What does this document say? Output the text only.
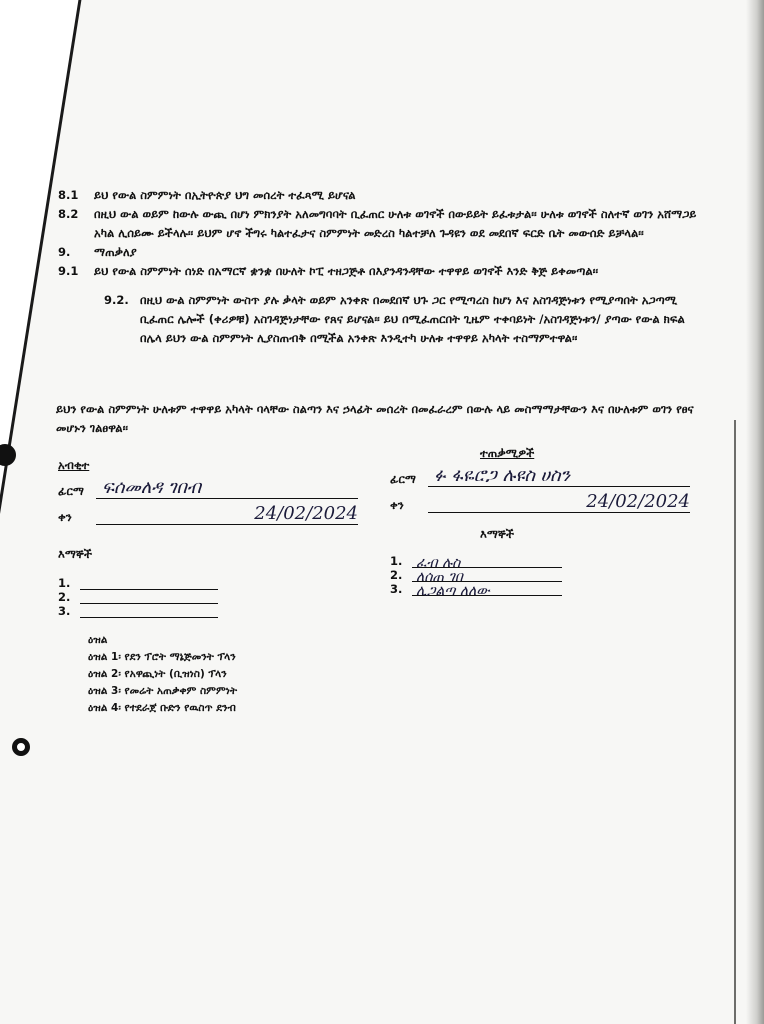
8.1	ይህ የውል ስምምነት በኢትዮጵያ ህግ መሰረት ተፈጻሚ ይሆናል
8.2	በዚህ ውል ወይም ከውሉ ውጪ በሆነ ምክንያት አለመግባባት ቢፈጠር ሁለቱ ወገኖች በውይይት ይፈቱታል፡፡ ሁለቱ ወገኖች ስለተኛ ወገን አሸማጋይ አካል ሊሰይሙ ይችላሉ፡፡ ይህም ሆኖ ችግሩ ካልተፈታና ስምምነት መድረስ ካልተቻለ ጉዳዩን ወደ መደበኛ ፍርድ ቤት መውሰድ ይቻላል፡፡
9.	ማጠቃለያ
9.1	ይህ የውል ስምምነት ሰነድ በአማርኛ ቋንቋ በሁለት ኮፒ ተዘጋጅቶ በእያንዳንዳቸው ተዋዋይ ወገኖች እንድ ቅጅ ይቀመጣል፡፡
9.2. በዚህ ውል ስምምነት ውስጥ ያሉ ቃላት ወይም አንቀጽ በመደበኛ ህጉ ጋር የሚጣረስ ከሆነ እና አስገዳጅነቱን የሚያጣበት አጋጣሚ ቢፈጠር ሌሎች (ቀሪዎቹ) አስገዳጅነታቸው የጸና ይሆናል፡፡ ይህ በሚፈጠርበት ጊዜም ተቀባይነት /አስገዳጅነቱን/ ያጣው የውል ክፍል በሌላ ይህን ውል ስምምነት ሊያስጠብቅ በሚችል አንቀጽ እንዲተካ ሁለቱ ተዋዋይ አካላት ተስማምተዋል፡፡
ይህን የውል ስምምነት ሁለቱም ተዋዋይ አካላት ባላቸው ስልጣን እና ኃላፊት መሰረት በመፈራረም በውሉ ላይ መስማማታቸውን እና በሁለቱም ወገን የፀና መሆኑን ገልፀዋል፡፡
አብቂተ
ፊርማ	ፍሰመለዳ ገበብ
ቀን	24/02/2024
እማኞች
1.
2.
3.
ዕዝል
ዕዝል 1፡ የደን ፕሮት ማኔጅመንት ፕላን
ዕዝል 2፡ የአዋጪነት (ቢዝነስ) ፕላን
ዕዝል 3፡ የመሬት አጠቃቀም ስምምነት
ዕዝል 4፡ የተደራጀ ቡድን የዉስጥ ደንብ
ተጠቃሚዎች
ፊርማ	ፉ ፋዬሮጋ ሉዩስ ሀስን
ቀን	24/02/2024
እማኞች
1. ፈብ ሉስ
2. ለሰጠ ገበ
3. ሊጋልጣ ለለው
